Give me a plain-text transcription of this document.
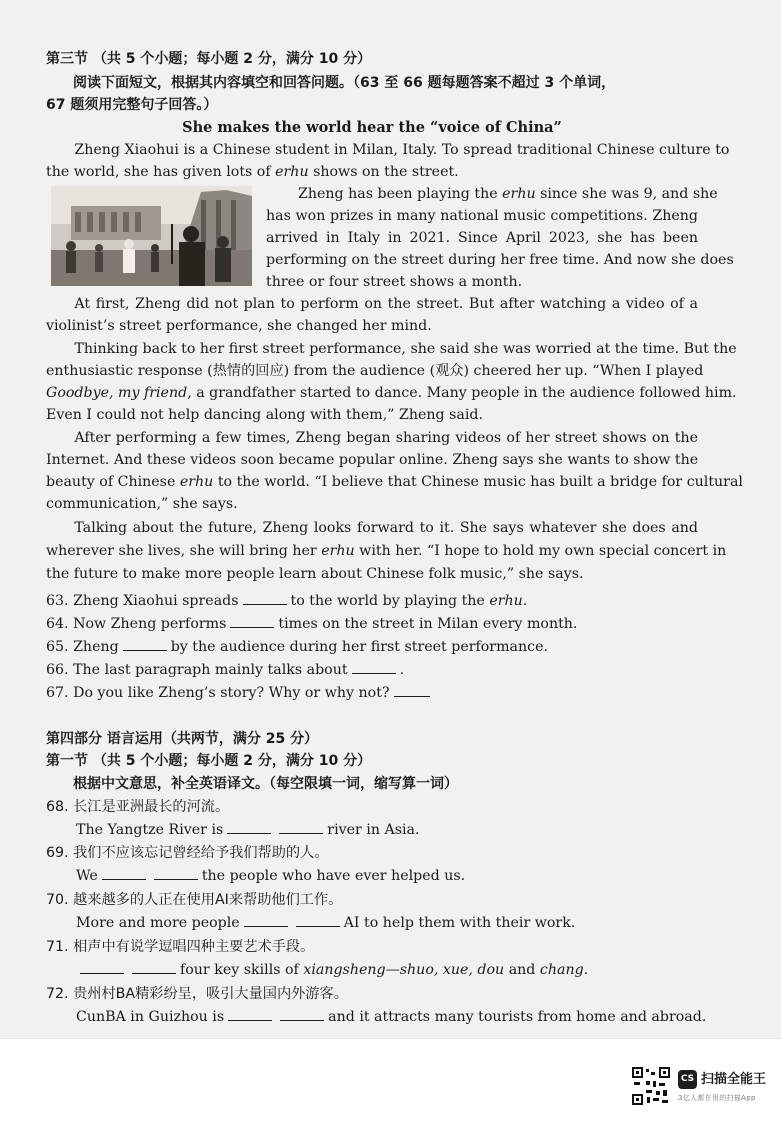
第三节 （共 5 个小题；每小题 2 分，满分 10 分）
阅读下面短文，根据其内容填空和回答问题。（63 至 66 题每题答案不超过 3 个单词，
67 题须用完整句子回答。）
She makes the world hear the “voice of China”
Zheng Xiaohui is a Chinese student in Milan, Italy. To spread traditional Chinese culture to
the world, she has given lots of erhu shows on the street.
Zheng has been playing the erhu since she was 9, and she
has won prizes in many national music competitions. Zheng
arrived in Italy in 2021. Since April 2023, she has been
performing on the street during her free time. And now she does
three or four street shows a month.
At first, Zheng did not plan to perform on the street. But after watching a video of a
violinist’s street performance, she changed her mind.
Thinking back to her first street performance, she said she was worried at the time. But the
enthusiastic response (热情的回应) from the audience (观众) cheered her up. “When I played
Goodbye, my friend, a grandfather started to dance. Many people in the audience followed him.
Even I could not help dancing along with them,” Zheng said.
After performing a few times, Zheng began sharing videos of her street shows on the
Internet. And these videos soon became popular online. Zheng says she wants to show the
beauty of Chinese erhu to the world. “I believe that Chinese music has built a bridge for cultural
communication,” she says.
Talking about the future, Zheng looks forward to it. She says whatever she does and
wherever she lives, she will bring her erhu with her. “I hope to hold my own special concert in
the future to make more people learn about Chinese folk music,” she says.
63. Zheng Xiaohui spreads	to the world by playing the erhu.
64. Now Zheng performs	times on the street in Milan every month.
65. Zheng	by the audience during her first street performance.
66. The last paragraph mainly talks about	.
67. Do you like Zheng’s story? Why or why not?
第四部分 语言运用（共两节，满分 25 分）
第一节 （共 5 个小题；每小题 2 分，满分 10 分）
根据中文意思，补全英语译文。（每空限填一词，缩写算一词）
68. 长江是亚洲最长的河流。
The Yangtze River is	river in Asia.
69. 我们不应该忘记曾经给予我们帮助的人。
We	the people who have ever helped us.
70. 越来越多的人正在使用AI来帮助他们工作。
More and more people	AI to help them with their work.
71. 相声中有说学逗唱四种主要艺术手段。
four key skills of xiangsheng—shuo, xue, dou and chang.
72. 贵州村BA精彩纷呈，吸引大量国内外游客。
CunBA in Guizhou is	and it attracts many tourists from home and abroad.
CS 扫描全能王
3亿人都在用的扫描App
